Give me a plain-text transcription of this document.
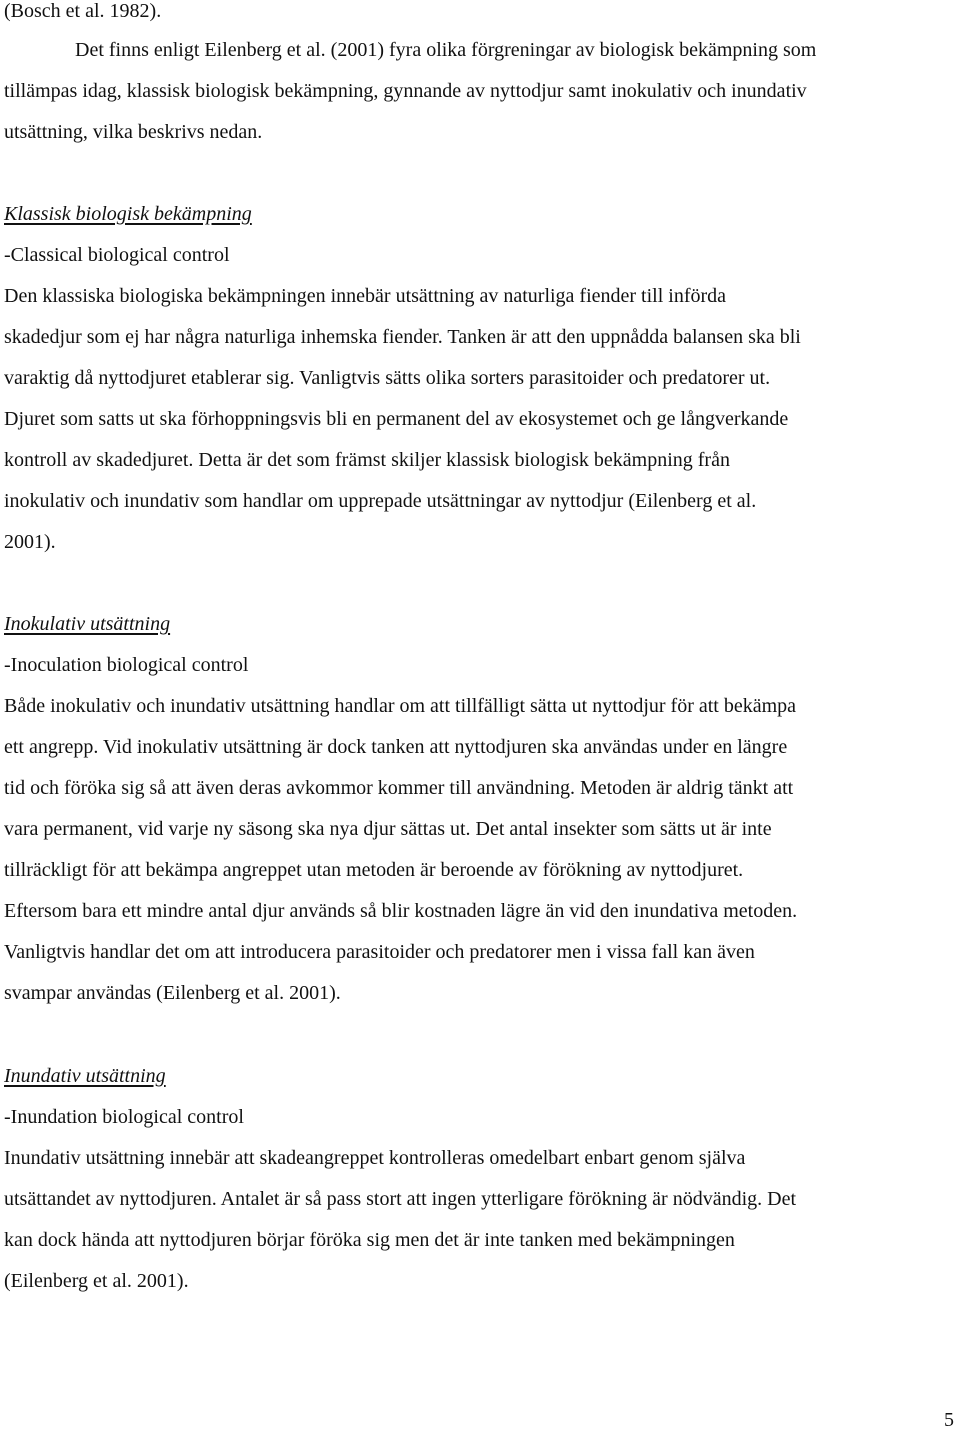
(Bosch et al. 1982).

Det finns enligt Eilenberg et al. (2001) fyra olika förgreningar av biologisk bekämpning som
tillämpas idag, klassisk biologisk bekämpning, gynnande av nyttodjur samt inokulativ och inundativ
utsättning, vilka beskrivs nedan.

Klassisk biologisk bekämpning
-Classical biological control
Den klassiska biologiska bekämpningen innebär utsättning av naturliga fiender till införda
skadedjur som ej har några naturliga inhemska fiender. Tanken är att den uppnådda balansen ska bli
varaktig då nyttodjuret etablerar sig. Vanligtvis sätts olika sorters parasitoider och predatorer ut.
Djuret som satts ut ska förhoppningsvis bli en permanent del av ekosystemet och ge långverkande
kontroll av skadedjuret. Detta är det som främst skiljer klassisk biologisk bekämpning från
inokulativ och inundativ som handlar om upprepade utsättningar av nyttodjur (Eilenberg et al.
2001).

Inokulativ utsättning
-Inoculation biological control
Både inokulativ och inundativ utsättning handlar om att tillfälligt sätta ut nyttodjur för att bekämpa
ett angrepp. Vid inokulativ utsättning är dock tanken att nyttodjuren ska användas under en längre
tid och föröka sig så att även deras avkommor kommer till användning. Metoden är aldrig tänkt att
vara permanent, vid varje ny säsong ska nya djur sättas ut. Det antal insekter som sätts ut är inte
tillräckligt för att bekämpa angreppet utan metoden är beroende av förökning av nyttodjuret.
Eftersom bara ett mindre antal djur används så blir kostnaden lägre än vid den inundativa metoden.
Vanligtvis handlar det om att introducera parasitoider och predatorer men i vissa fall kan även
svampar användas (Eilenberg et al. 2001).

Inundativ utsättning
-Inundation biological control
Inundativ utsättning innebär att skadeangreppet kontrolleras omedelbart enbart genom själva
utsättandet av nyttodjuren. Antalet är så pass stort att ingen ytterligare förökning är nödvändig. Det
kan dock hända att nyttodjuren börjar föröka sig men det är inte tanken med bekämpningen
(Eilenberg et al. 2001).

5
